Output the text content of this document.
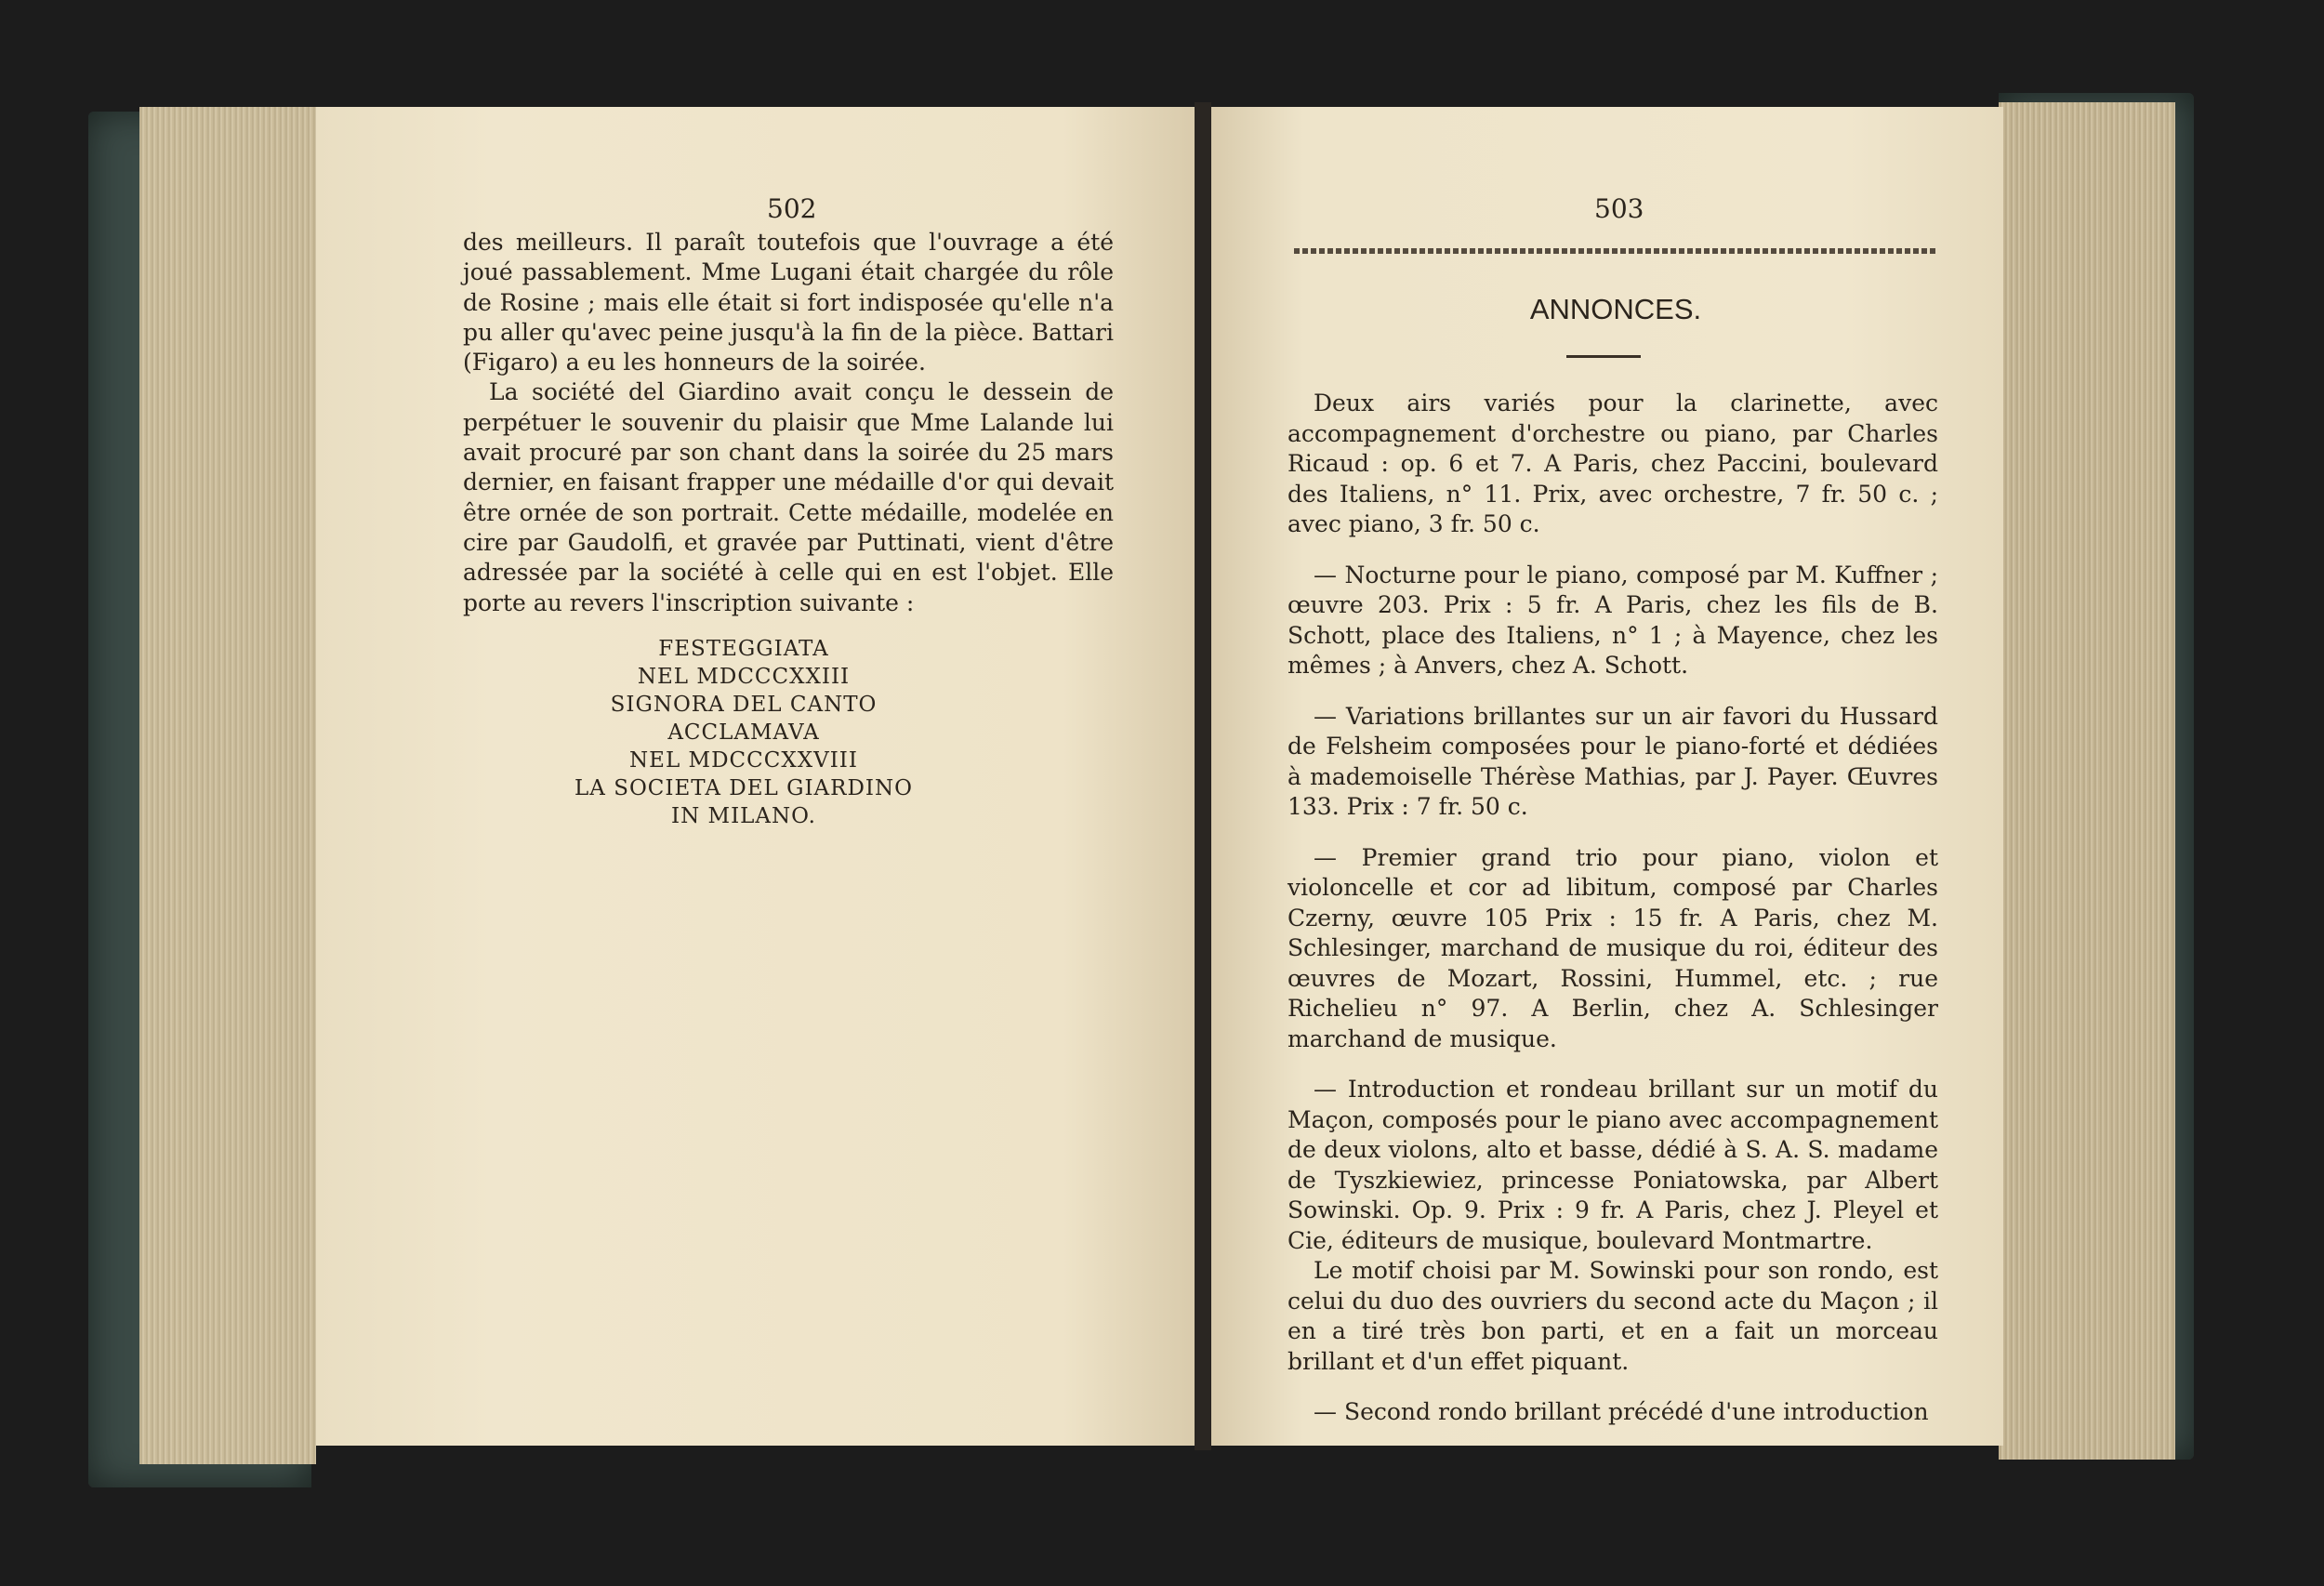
502

des meilleurs. Il paraît toutefois que l'ouvrage a été joué passablement. Mme Lugani était chargée du rôle de Rosine ; mais elle était si fort indisposée qu'elle n'a pu aller qu'avec peine jusqu'à la fin de la pièce. Battari (Figaro) a eu les honneurs de la soirée.

La société del Giardino avait conçu le dessein de perpétuer le souvenir du plaisir que Mme Lalande lui avait procuré par son chant dans la soirée du 25 mars dernier, en faisant frapper une médaille d'or qui devait être ornée de son portrait. Cette médaille, modelée en cire par Gaudolfi, et gravée par Puttinati, vient d'être adressée par la société à celle qui en est l'objet. Elle porte au revers l'inscription suivante :

FESTEGGIATA
NEL MDCCCXXIII
SIGNORA DEL CANTO
ACCLAMAVA
NEL MDCCCXXVIII
LA SOCIETA DEL GIARDINO
IN MILANO.
503
ANNONCES.

Deux airs variés pour la clarinette, avec accompagnement d'orchestre ou piano, par Charles Ricaud : op. 6 et 7. A Paris, chez Paccini, boulevard des Italiens, n° 11. Prix, avec orchestre, 7 fr. 50 c. ; avec piano, 3 fr. 50 c.

— Nocturne pour le piano, composé par M. Kuffner ; œuvre 203. Prix : 5 fr. A Paris, chez les fils de B. Schott, place des Italiens, n° 1 ; à Mayence, chez les mêmes ; à Anvers, chez A. Schott.

— Variations brillantes sur un air favori du Hussard de Felsheim composées pour le piano-forté et dédiées à mademoiselle Thérèse Mathias, par J. Payer. Œuvres 133. Prix : 7 fr. 50 c.

— Premier grand trio pour piano, violon et violoncelle et cor ad libitum, composé par Charles Czerny, œuvre 105 Prix : 15 fr. A Paris, chez M. Schlesinger, marchand de musique du roi, éditeur des œuvres de Mozart, Rossini, Hummel, etc. ; rue Richelieu n° 97. A Berlin, chez A. Schlesinger marchand de musique.

— Introduction et rondeau brillant sur un motif du Maçon, composés pour le piano avec accompagnement de deux violons, alto et basse, dédié à S. A. S. madame de Tyszkiewiez, princesse Poniatowska, par Albert Sowinski. Op. 9. Prix : 9 fr. A Paris, chez J. Pleyel et Cie, éditeurs de musique, boulevard Montmartre.

Le motif choisi par M. Sowinski pour son rondo, est celui du duo des ouvriers du second acte du Maçon ; il en a tiré très bon parti, et en a fait un morceau brillant et d'un effet piquant.

— Second rondo brillant précédé d'une introduction
